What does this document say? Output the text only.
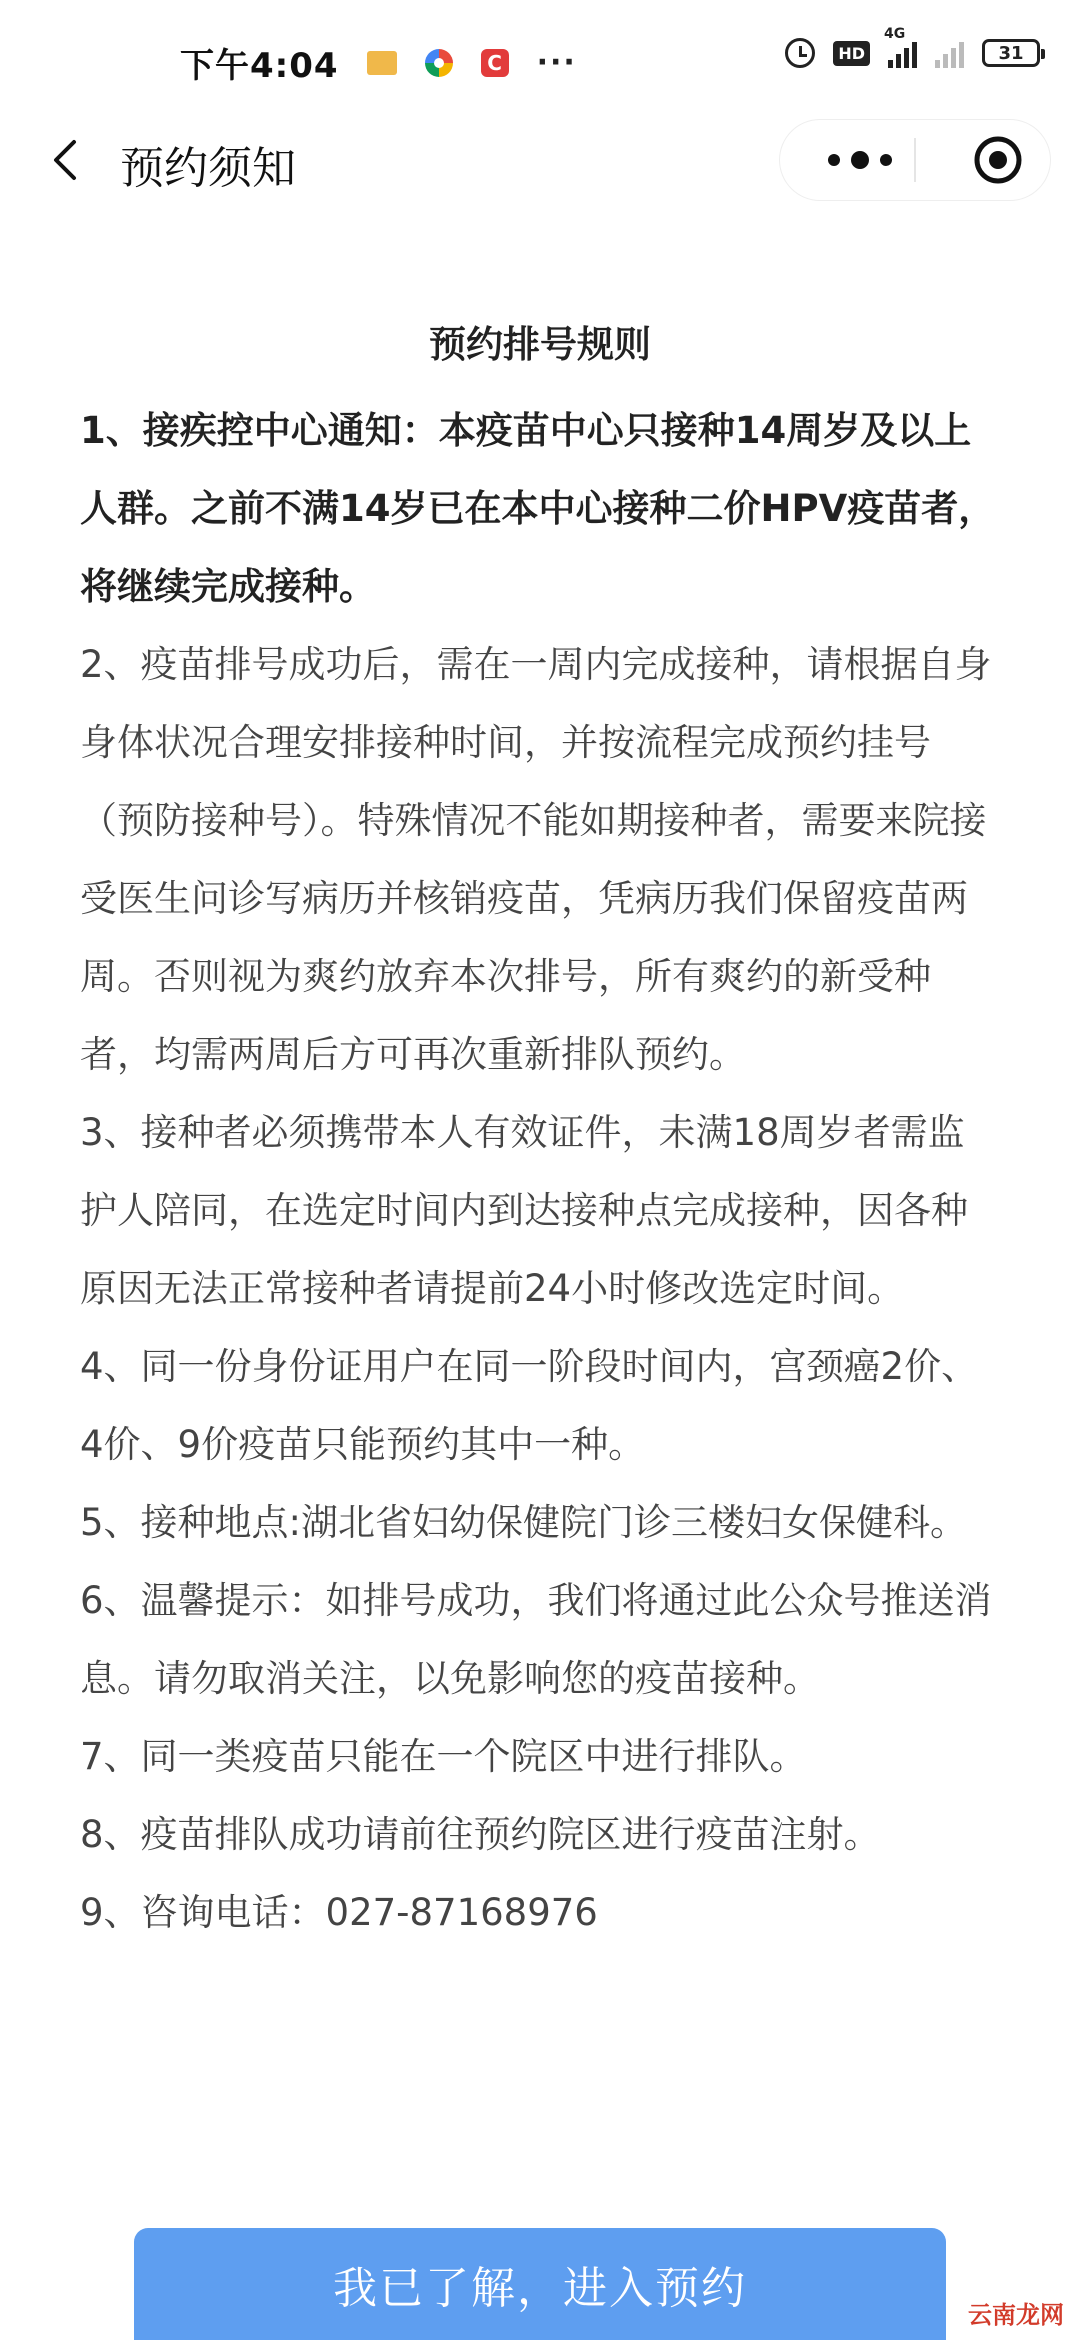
下午4:04	C ···	HD
4G
31
预约须知

预约排号规则

1、接疾控中心通知：本疫苗中心只接种14周岁及以上人群。之前不满14岁已在本中心接种二价HPV疫苗者，将继续完成接种。

2、疫苗排号成功后，需在一周内完成接种，请根据自身身体状况合理安排接种时间，并按流程完成预约挂号（预防接种号）。特殊情况不能如期接种者，需要来院接受医生问诊写病历并核销疫苗，凭病历我们保留疫苗两周。否则视为爽约放弃本次排号，所有爽约的新受种者，均需两周后方可再次重新排队预约。

3、接种者必须携带本人有效证件，未满18周岁者需监护人陪同，在选定时间内到达接种点完成接种，因各种原因无法正常接种者请提前24小时修改选定时间。

4、同一份身份证用户在同一阶段时间内，宫颈癌2价、4价、9价疫苗只能预约其中一种。

5、接种地点:湖北省妇幼保健院门诊三楼妇女保健科。

6、温馨提示：如排号成功，我们将通过此公众号推送消息。请勿取消关注，以免影响您的疫苗接种。

7、同一类疫苗只能在一个院区中进行排队。

8、疫苗排队成功请前往预约院区进行疫苗注射。

9、咨询电话：027-87168976

我已了解，进入预约
云南龙网
